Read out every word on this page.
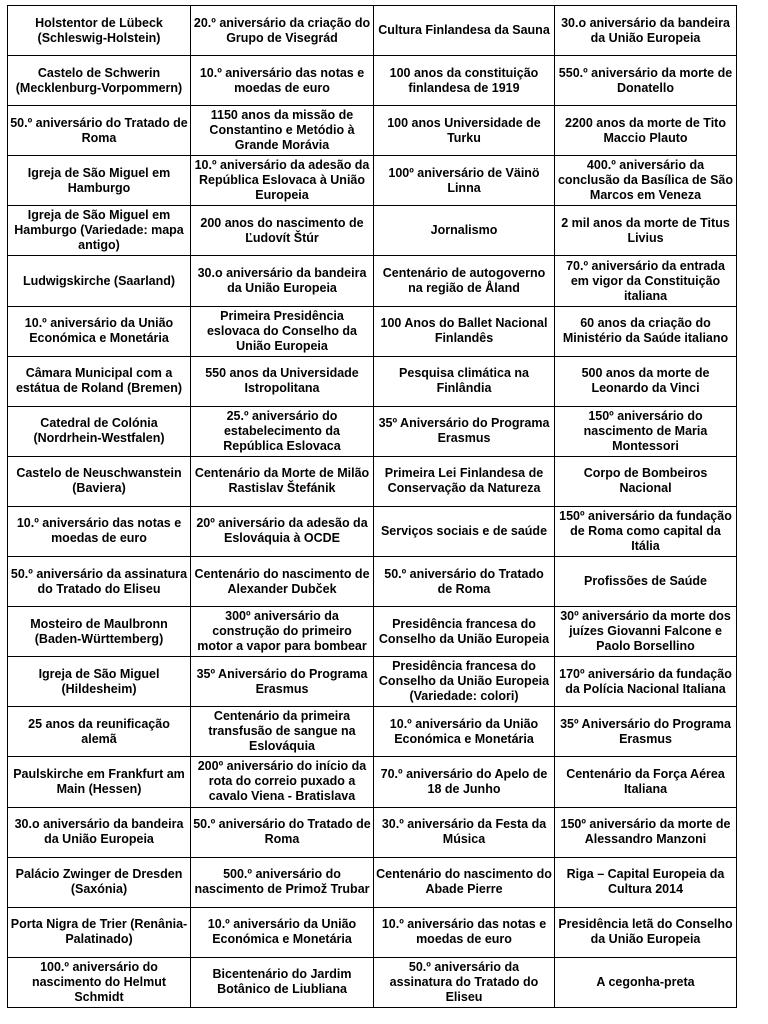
Holstentor de Lübeck (Schleswig-Holstein)	20.º aniversário da criação do Grupo de Visegrád	Cultura Finlandesa da Sauna	30.o aniversário da bandeira da União Europeia
Castelo de Schwerin (Mecklenburg-Vorpommern)	10.º aniversário das notas e moedas de euro	100 anos da constituição finlandesa de 1919	550.º aniversário da morte de Donatello
50.º aniversário do Tratado de Roma	1150 anos da missão de Constantino e Metódio à Grande Morávia	100 anos Universidade de Turku	2200 anos da morte de Tito Maccio Plauto
Igreja de São Miguel em Hamburgo	10.º aniversário da adesão da República Eslovaca à União Europeia	100º aniversário de Väinö Linna	400.º aniversário da conclusão da Basílica de São Marcos em Veneza
Igreja de São Miguel em Hamburgo (Variedade: mapa antigo)	200 anos do nascimento de Ľudovít Štúr	Jornalismo	2 mil anos da morte de Titus Livius
Ludwigskirche (Saarland)	30.o aniversário da bandeira da União Europeia	Centenário de autogoverno na região de Åland	70.º aniversário da entrada em vigor da Constituição italiana
10.º aniversário da União Económica e Monetária	Primeira Presidência eslovaca do Conselho da União Europeia	100 Anos do Ballet Nacional Finlandês	60 anos da criação do Ministério da Saúde italiano
Câmara Municipal com a estátua de Roland (Bremen)	550 anos da Universidade Istropolitana	Pesquisa climática na Finlândia	500 anos da morte de Leonardo da Vinci
Catedral de Colónia (Nordrhein-Westfalen)	25.º aniversário do estabelecimento da República Eslovaca	35º Aniversário do Programa Erasmus	150º aniversário do nascimento de Maria Montessori
Castelo de Neuschwanstein (Baviera)	Centenário da Morte de Milão Rastislav Štefánik	Primeira Lei Finlandesa de Conservação da Natureza	Corpo de Bombeiros Nacional
10.º aniversário das notas e moedas de euro	20º aniversário da adesão da Eslováquia à OCDE	Serviços sociais e de saúde	150º aniversário da fundação de Roma como capital da Itália
50.º aniversário da assinatura do Tratado do Eliseu	Centenário do nascimento de Alexander Dubček	50.º aniversário do Tratado de Roma	Profissões de Saúde
Mosteiro de Maulbronn (Baden-Württemberg)	300º aniversário da construção do primeiro motor a vapor para bombear	Presidência francesa do Conselho da União Europeia	30º aniversário da morte dos juízes Giovanni Falcone e Paolo Borsellino
Igreja de São Miguel (Hildesheim)	35º Aniversário do Programa Erasmus	Presidência francesa do Conselho da União Europeia (Variedade: colori)	170º aniversário da fundação da Polícia Nacional Italiana
25 anos da reunificação alemã	Centenário da primeira transfusão de sangue na Eslováquia	10.º aniversário da União Económica e Monetária	35º Aniversário do Programa Erasmus
Paulskirche em Frankfurt am Main (Hessen)	200º aniversário do início da rota do correio puxado a cavalo Viena - Bratislava	70.º aniversário do Apelo de 18 de Junho	Centenário da Força Aérea Italiana
30.o aniversário da bandeira da União Europeia	50.º aniversário do Tratado de Roma	30.º aniversário da Festa da Música	150º aniversário da morte de Alessandro Manzoni
Palácio Zwinger de Dresden (Saxónia)	500.º aniversário do nascimento de Primož Trubar	Centenário do nascimento do Abade Pierre	Riga – Capital Europeia da Cultura 2014
Porta Nigra de Trier (Renânia-Palatinado)	10.º aniversário da União Económica e Monetária	10.º aniversário das notas e moedas de euro	Presidência letã do Conselho da União Europeia
100.º aniversário do nascimento do Helmut Schmidt	Bicentenário do Jardim Botânico de Liubliana	50.º aniversário da assinatura do Tratado do Eliseu	A cegonha-preta
